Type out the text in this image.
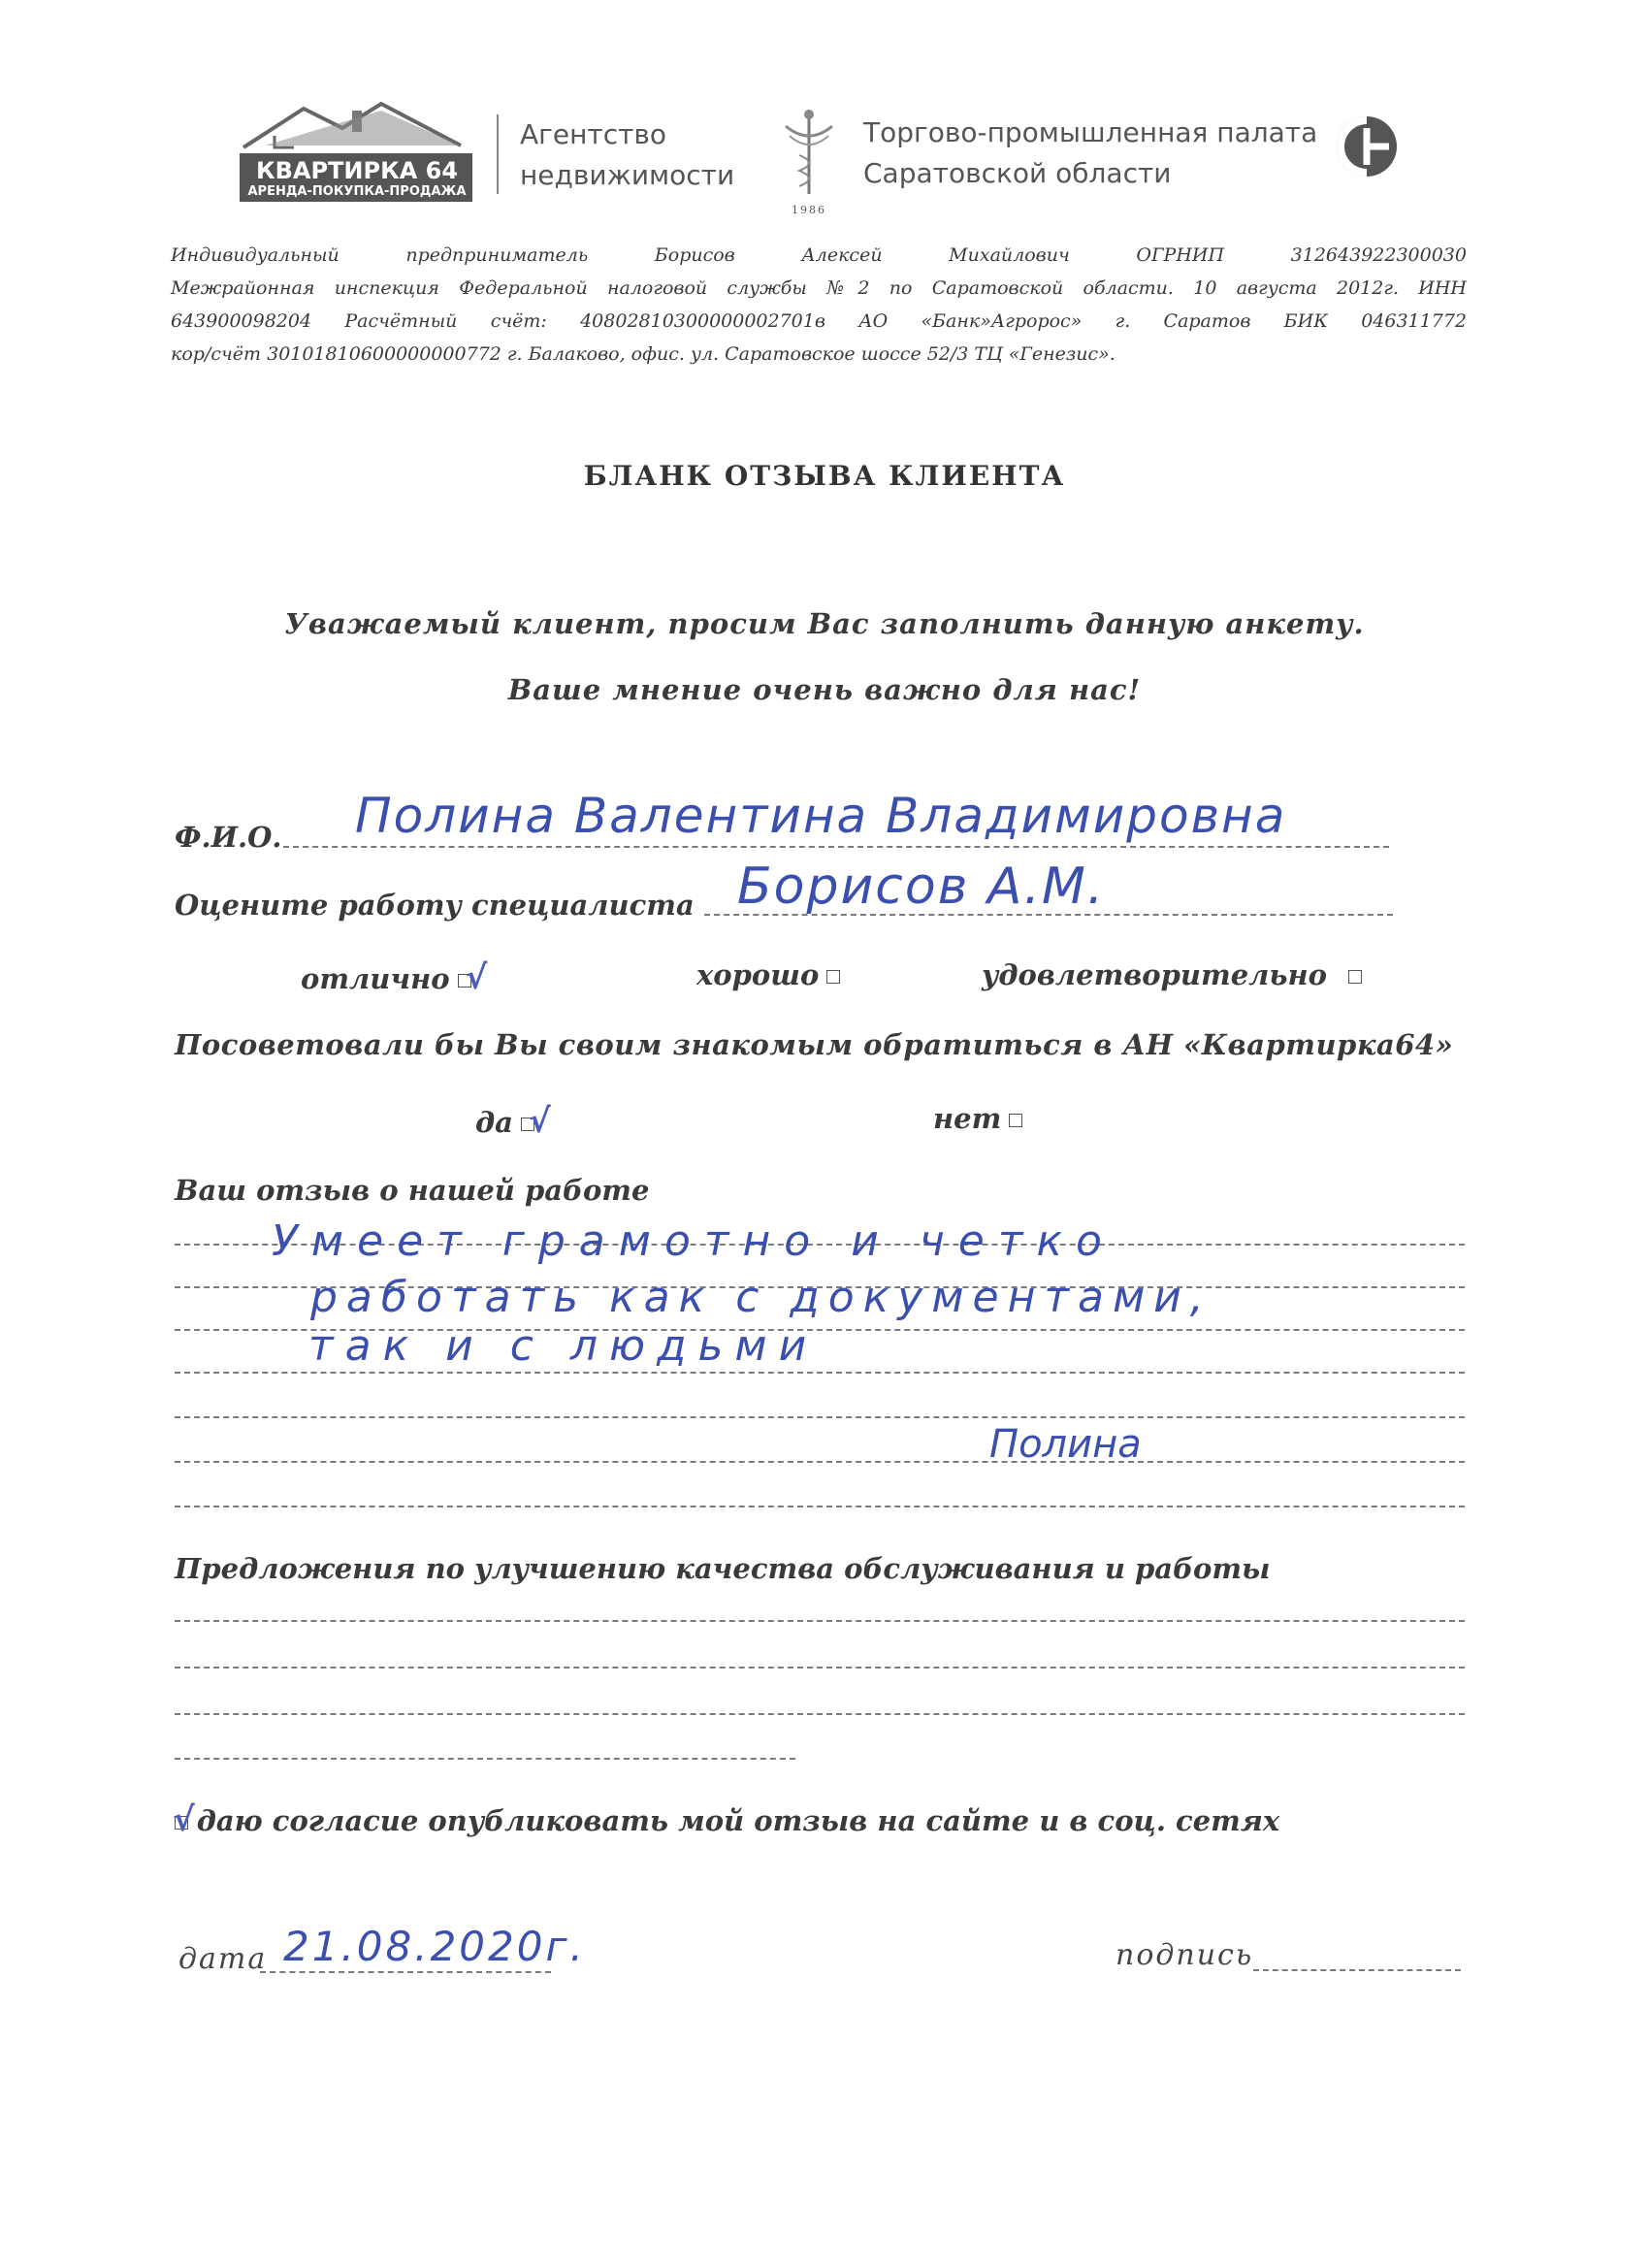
КВАРТИРКА 64
АРЕНДА-ПОКУПКА-ПРОДАЖА
Агентство
недвижимости
1986
Торгово-промышленная палата
Саратовской области
Индивидуальный предприниматель Борисов Алексей Михайлович ОГРНИП 312643922300030
Межрайонная инспекция Федеральной налоговой службы №2 по Саратовской области. 10 августа 2012г. ИНН
643900098204 Расчётный счёт: 40802810300000002701в АО «Банк»Агророс» г. Саратов БИК 046311772
кор/счёт 30101810600000000772 г. Балаково, офис. ул. Саратовское шоссе 52/3 ТЦ «Генезис».
БЛАНК ОТЗЫВА КЛИЕНТА
Уважаемый клиент, просим Вас заполнить данную анкету.
Ваше мнение очень важно для нас!
Ф.И.О. Полина Валентина Владимировна
Оцените работу специалиста Борисов А.М.
отлично √	хорошо	удовлетворительно
Посоветовали бы Вы своим знакомым обратиться в АН «Квартирка64»
да √	нет
Ваш отзыв о нашей работе
Умеет грамотно и четко
работать как с документами,
так и с людьми
Полина
Предложения по улучшению качества обслуживания и работы
√даю согласие опубликовать мой отзыв на сайте и в соц. сетях
дата 21.08.2020г.	подпись
